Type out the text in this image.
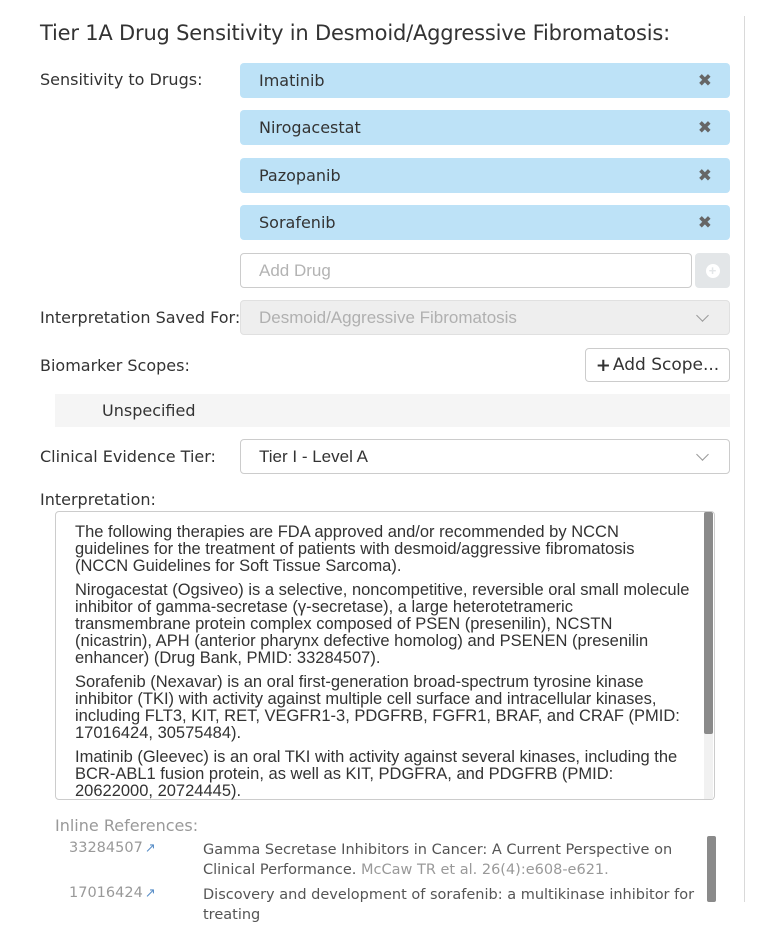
Tier 1A Drug Sensitivity in Desmoid/Aggressive Fibromatosis:
Sensitivity to Drugs:	Imatinib	✖
Nirogacestat	✖
Pazopanib	✖
Sorafenib	✖
Add Drug
+
Interpretation Saved For: Desmoid/Aggressive Fibromatosis
Biomarker Scopes:	+ Add Scope...
Unspecified
Clinical Evidence Tier:	Tier I - Level A
Interpretation:

The following therapies are FDA approved and/or recommended by NCCN guidelines for the treatment of patients with desmoid/aggressive fibromatosis (NCCN Guidelines for Soft Tissue Sarcoma).

Nirogacestat (Ogsiveo) is a selective, noncompetitive, reversible oral small molecule inhibitor of gamma-secretase (γ-secretase), a large heterotetrameric transmembrane protein complex composed of PSEN (presenilin), NCSTN (nicastrin), APH (anterior pharynx defective homolog) and PSENEN (presenilin enhancer) (Drug Bank, PMID: 33284507).

Sorafenib (Nexavar) is an oral first-generation broad-spectrum tyrosine kinase inhibitor (TKI) with activity against multiple cell surface and intracellular kinases, including FLT3, KIT, RET, VEGFR1-3, PDGFRB, FGFR1, BRAF, and CRAF (PMID: 17016424, 30575484).

Imatinib (Gleevec) is an oral TKI with activity against several kinases, including the BCR-ABL1 fusion protein, as well as KIT, PDGFRA, and PDGFRB (PMID: 20622000, 20724445).

Inline References:
33284507 ↗	Gamma Secretase Inhibitors in Cancer: A Current Perspective on Clinical Performance. McCaw TR et al. 26(4):e608-e621.
17016424 ↗	Discovery and development of sorafenib: a multikinase inhibitor for treating
